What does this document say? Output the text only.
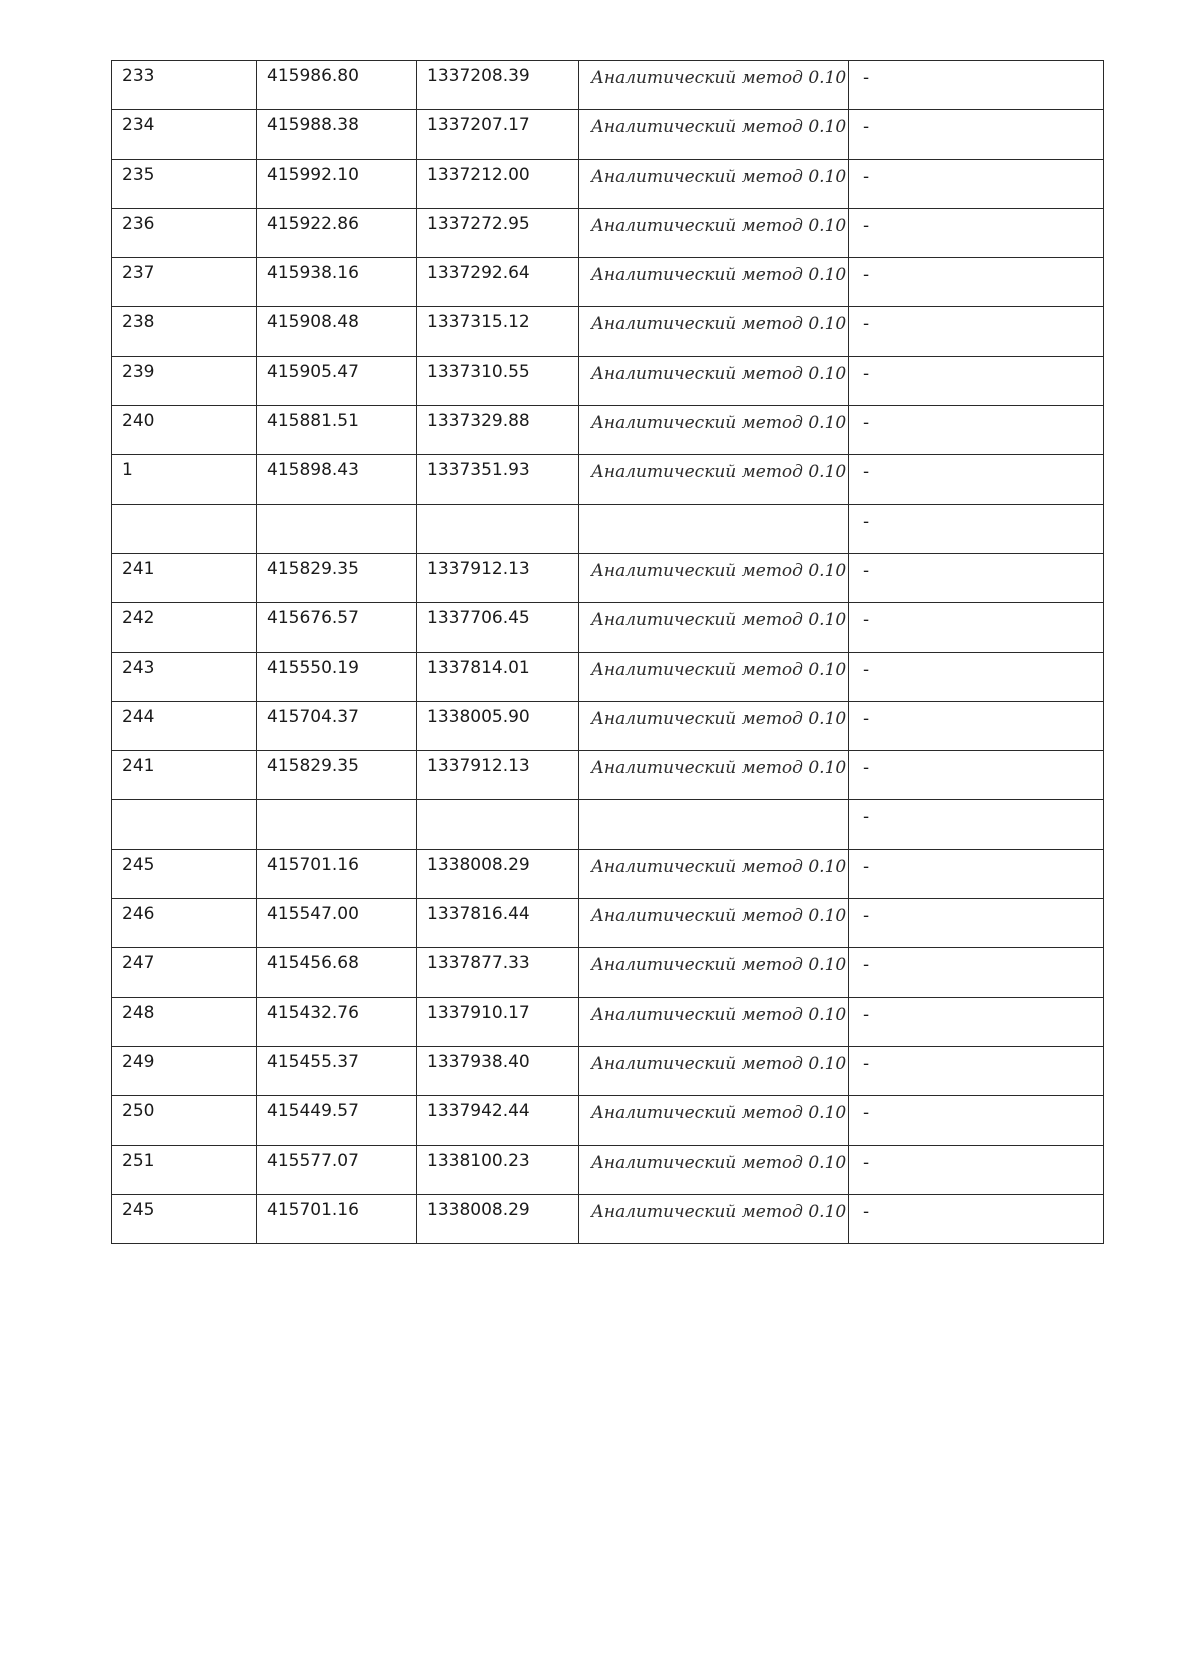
233	415986.80	1337208.39	Аналитический метод 0.10	-
234	415988.38	1337207.17	Аналитический метод 0.10	-
235	415992.10	1337212.00	Аналитический метод 0.10	-
236	415922.86	1337272.95	Аналитический метод 0.10	-
237	415938.16	1337292.64	Аналитический метод 0.10	-
238	415908.48	1337315.12	Аналитический метод 0.10	-
239	415905.47	1337310.55	Аналитический метод 0.10	-
240	415881.51	1337329.88	Аналитический метод 0.10	-
1	415898.43	1337351.93	Аналитический метод 0.10	-
				-
241	415829.35	1337912.13	Аналитический метод 0.10	-
242	415676.57	1337706.45	Аналитический метод 0.10	-
243	415550.19	1337814.01	Аналитический метод 0.10	-
244	415704.37	1338005.90	Аналитический метод 0.10	-
241	415829.35	1337912.13	Аналитический метод 0.10	-
				-
245	415701.16	1338008.29	Аналитический метод 0.10	-
246	415547.00	1337816.44	Аналитический метод 0.10	-
247	415456.68	1337877.33	Аналитический метод 0.10	-
248	415432.76	1337910.17	Аналитический метод 0.10	-
249	415455.37	1337938.40	Аналитический метод 0.10	-
250	415449.57	1337942.44	Аналитический метод 0.10	-
251	415577.07	1338100.23	Аналитический метод 0.10	-
245	415701.16	1338008.29	Аналитический метод 0.10	-
